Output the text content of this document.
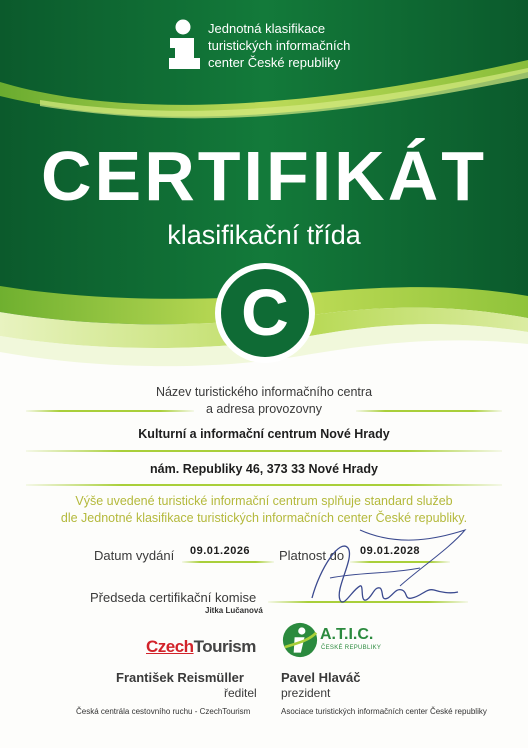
Jednotná klasifikace
turistických informačních
center České republiky
CERTIFIKÁT
klasifikační třída
C
Název turistického informačního centra
a adresa provozovny
Kulturní a informační centrum Nové Hrady
nám. Republiky 46, 373 33 Nové Hrady
Výše uvedené turistické informační centrum splňuje standard služeb
dle Jednotné klasifikace turistických informačních center České republiky.
Datum vydání 09.01.2026 Platnost do 09.01.2028
Předseda certifikační komise
Jitka Lučanová
CzechTourism
A.T.I.C.
ČESKÉ REPUBLIKY
František Reismüller
ředitel
Česká centrála cestovního ruchu - CzechTourism
Pavel Hlaváč
prezident
Asociace turistických informačních center České republiky
